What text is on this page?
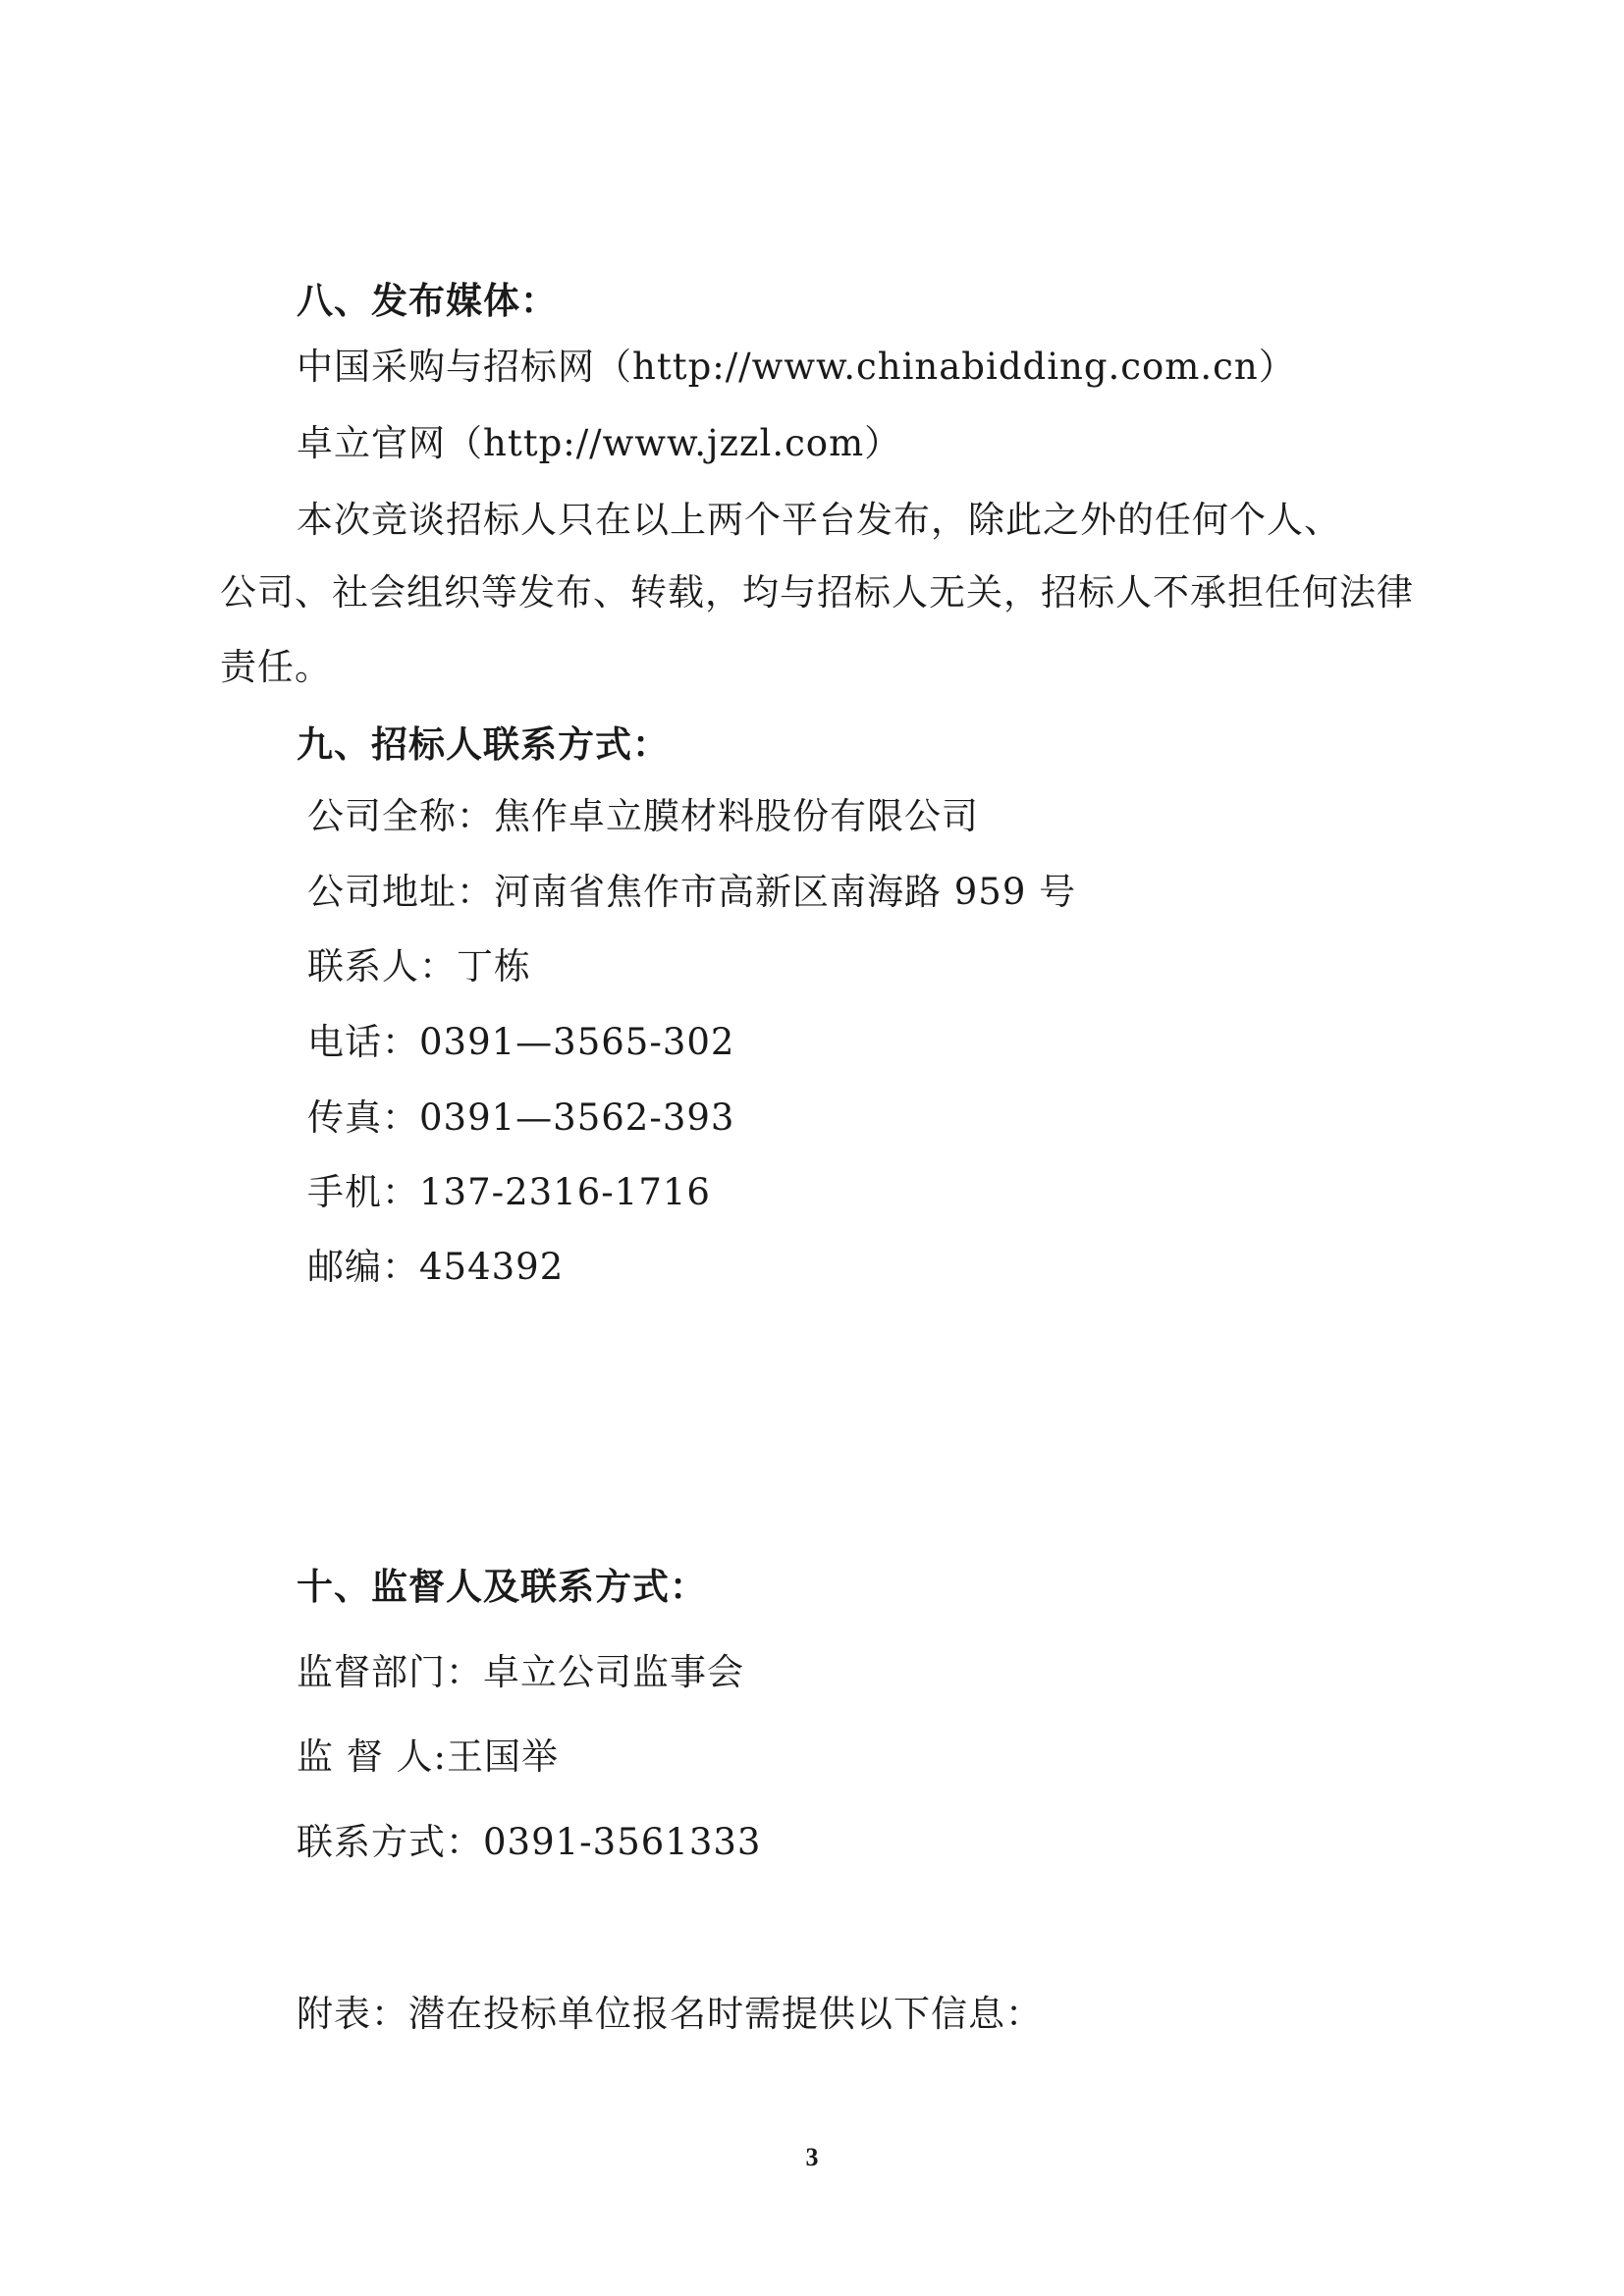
八、发布媒体：
中国采购与招标网（http://www.chinabidding.com.cn）
卓立官网（http://www.jzzl.com）
本次竞谈招标人只在以上两个平台发布，除此之外的任何个人、
公司、社会组织等发布、转载，均与招标人无关，招标人不承担任何法律
责任。
九、招标人联系方式：
公司全称：焦作卓立膜材料股份有限公司
公司地址：河南省焦作市高新区南海路 959 号
联系人：丁栋
电话：0391—3565-302
传真：0391—3562-393
手机：137-2316-1716
邮编：454392
十、监督人及联系方式：
监督部门：卓立公司监事会
监 督 人:王国举
联系方式：0391-3561333
附表：潜在投标单位报名时需提供以下信息：
3
